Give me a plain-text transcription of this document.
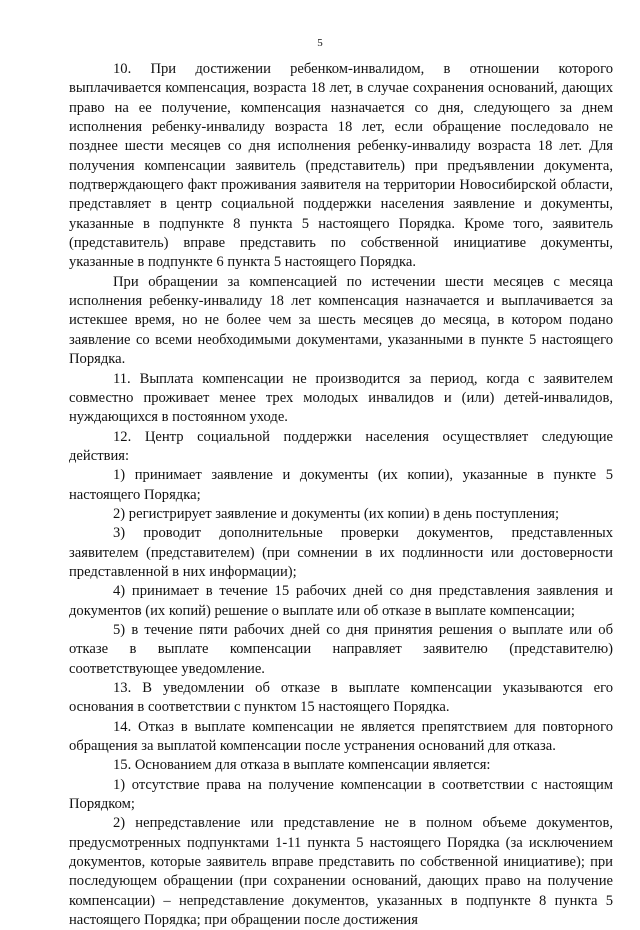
5

10. При достижении ребенком-инвалидом, в отношении которого выплачивается компенсация, возраста 18 лет, в случае сохранения оснований, дающих право на ее получение, компенсация назначается со дня, следующего за днем исполнения ребенку-инвалиду возраста 18 лет, если обращение последовало не позднее шести месяцев со дня исполнения ребенку-инвалиду возраста 18 лет. Для получения компенсации заявитель (представитель) при предъявлении документа, подтверждающего факт проживания заявителя на территории Новосибирской области, представляет в центр социальной поддержки населения заявление и документы, указанные в подпункте 8 пункта 5 настоящего Порядка. Кроме того, заявитель (представитель) вправе представить по собственной инициативе документы, указанные в подпункте 6 пункта 5 настоящего Порядка.

При обращении за компенсацией по истечении шести месяцев с месяца исполнения ребенку-инвалиду 18 лет компенсация назначается и выплачивается за истекшее время, но не более чем за шесть месяцев до месяца, в котором подано заявление со всеми необходимыми документами, указанными в пункте 5 настоящего Порядка.

11. Выплата компенсации не производится за период, когда с заявителем совместно проживает менее трех молодых инвалидов и (или) детей-инвалидов, нуждающихся в постоянном уходе.

12. Центр социальной поддержки населения осуществляет следующие действия:

1) принимает заявление и документы (их копии), указанные в пункте 5 настоящего Порядка;

2) регистрирует заявление и документы (их копии) в день поступления;

3) проводит дополнительные проверки документов, представленных заявителем (представителем) (при сомнении в их подлинности или достоверности представленной в них информации);

4) принимает в течение 15 рабочих дней со дня представления заявления и документов (их копий) решение о выплате или об отказе в выплате компенсации;

5) в течение пяти рабочих дней со дня принятия решения о выплате или об отказе в выплате компенсации направляет заявителю (представителю) соответствующее уведомление.

13. В уведомлении об отказе в выплате компенсации указываются его основания в соответствии с пунктом 15 настоящего Порядка.

14. Отказ в выплате компенсации не является препятствием для повторного обращения за выплатой компенсации после устранения оснований для отказа.

15. Основанием для отказа в выплате компенсации является:

1) отсутствие права на получение компенсации в соответствии с настоящим Порядком;

2) непредставление или представление не в полном объеме документов, предусмотренных подпунктами 1-11 пункта 5 настоящего Порядка (за исключением документов, которые заявитель вправе представить по собственной инициативе); при последующем обращении (при сохранении оснований, дающих право на получение компенсации) – непредставление документов, указанных в подпункте 8 пункта 5 настоящего Порядка; при обращении после достижения
